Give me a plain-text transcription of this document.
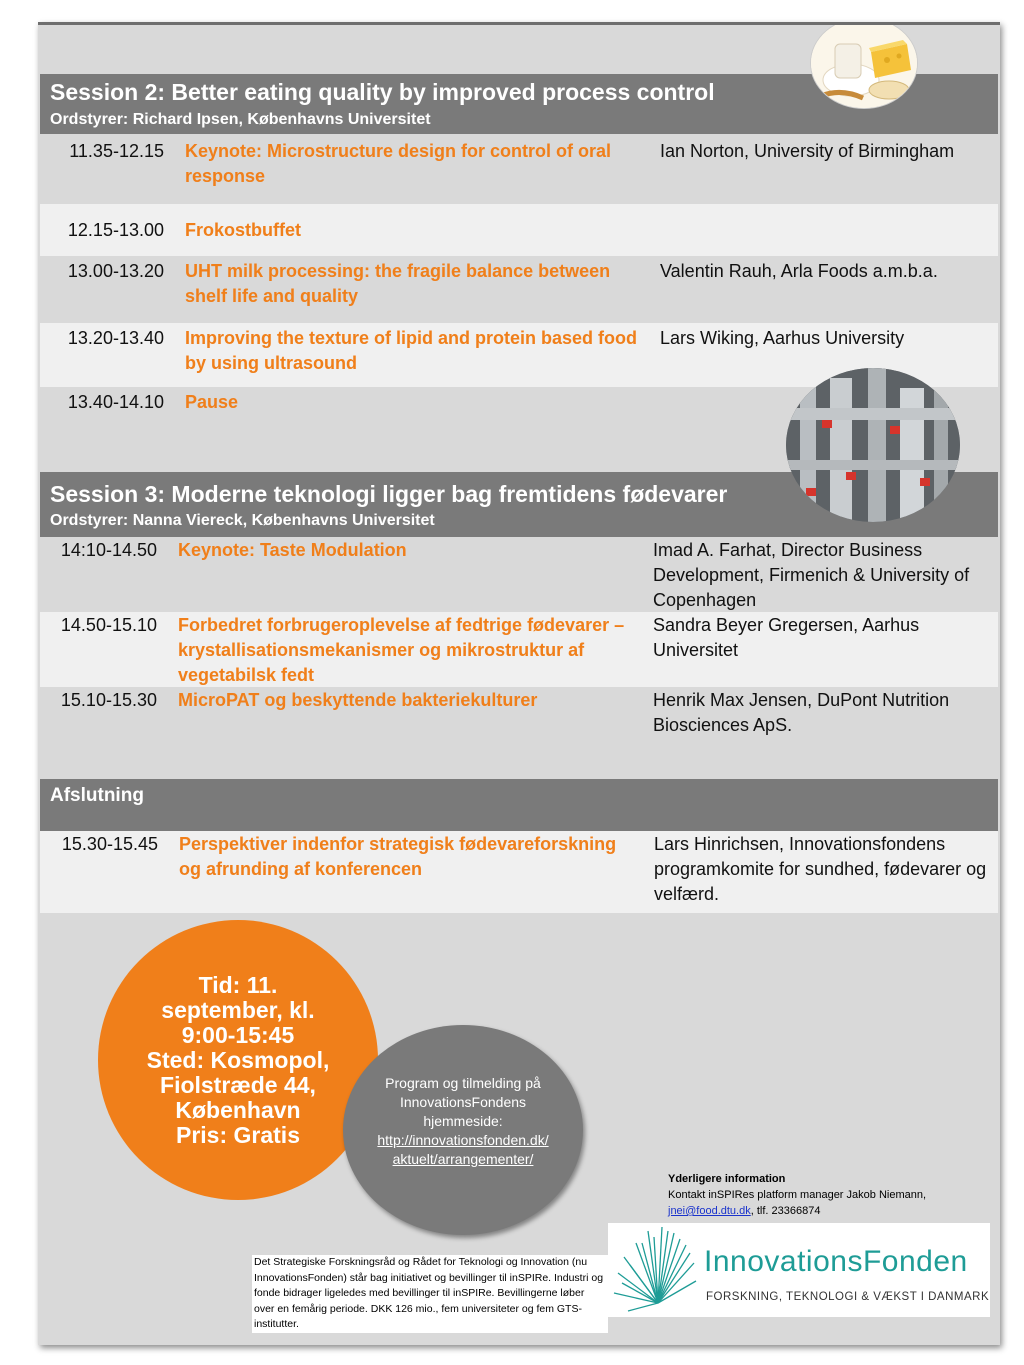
Session 2: Better eating quality by improved process control
Ordstyrer: Richard Ipsen, Københavns Universitet
11.35-12.15 Keynote: Microstructure design for control of oral response
Ian Norton, University of Birmingham
12.15-13.00 Frokostbuffet
13.00-13.20 UHT milk processing: the fragile balance between shelf life and quality
Valentin Rauh, Arla Foods a.m.b.a.
13.20-13.40 Improving the texture of lipid and protein based food by using ultrasound
Lars Wiking, Aarhus University
13.40-14.10 Pause
Session 3: Moderne teknologi ligger bag fremtidens fødevarer
Ordstyrer: Nanna Viereck, Københavns Universitet
14:10-14.50 Keynote: Taste Modulation	Imad A. Farhat, Director Business Development, Firmenich & University of Copenhagen
14.50-15.10 Forbedret forbrugeroplevelse af fedtrige fødevarer – krystallisationsmekanismer og mikrostruktur af vegetabilsk fedt
Sandra Beyer Gregersen, Aarhus Universitet
15.10-15.30 MicroPAT og beskyttende bakteriekulturer	Henrik Max Jensen, DuPont Nutrition Biosciences ApS.
Afslutning
15.30-15.45 Perspektiver indenfor strategisk fødevareforskning og afrunding af konferencen
Lars Hinrichsen, Innovationsfondens programkomite for sundhed, fødevarer og velfærd.
Tid: 11.
september, kl.
9:00-15:45
Sted: Kosmopol,
Fiolstræde 44,
København
Pris: Gratis
Program og tilmelding på InnovationsFondens hjemmeside:
http://innovationsfonden.dk/aktuelt/arrangementer/
Yderligere information
Kontakt inSPIRes platform manager Jakob Niemann,
jnei@food.dtu.dk, tlf. 23366874
Det Strategiske Forskningsråd og Rådet for Teknologi og Innovation (nu InnovationsFonden) står bag initiativet og bevillinger til inSPIRe. Industri og fonde bidrager ligeledes med bevillinger til inSPIRe. Bevillingerne løber over en femårig periode. DKK 126 mio., fem universiteter og fem GTS-institutter.
InnovationsFonden
FORSKNING, TEKNOLOGI & VÆKST I DANMARK
